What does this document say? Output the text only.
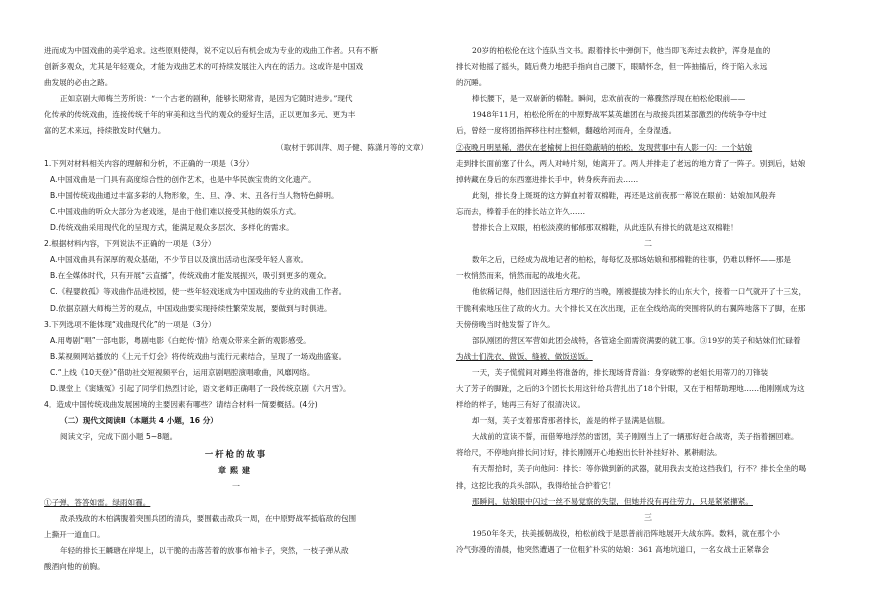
进而成为中国戏曲的美学追求。这些原则使得，说不定以后有机会成为专业的戏曲工作者。只有不断
创新多观众，尤其是年轻观众，才能为戏曲艺术的可持续发展注入内在的活力。这或许是中国戏
曲发展的必由之路。
正如京剧大师梅兰芳所说：“一个古老的剧种，能够长期常青，是因为它随时进步。”现代
化传承的传统戏曲，连接传统千年的审美和这当代的观众的爱好生活，正以更加多元、更为丰
富的艺术来远，持续散发时代魅力。
（取材于郭训萍、周子健、陈潇月等的文章）
1.下列对材料相关内容的理解和分析，不正确的一项是（3分）
A.中国戏曲是一门具有高度综合性的创作艺术，也是中华民族宝贵的文化遗产。
B.中国传统戏曲通过丰富多彩的人物形象，生、旦、净、末、丑各行当人物特色鲜明。
C.中国戏曲的听众大部分为老戏迷，是由于他们难以接受其他的娱乐方式。
D.传统戏曲采用现代化的呈现方式，能满足观众多层次、多样化的需求。
2.根据材料内容，下列说法不正确的一项是（3分）
A.中国戏曲具有深厚的观众基础，不少节目以及演出活动也深受年轻人喜欢。
B.在全媒体时代，只有开展“云直播”，传统戏曲才能发展振兴，吸引到更多的观众。
C.《程婴救孤》等戏曲作品进校园，使一些年轻戏迷成为中国戏曲的专业的戏曲工作者。
D.依据京剧大师梅兰芳的观点，中国戏曲要实现持续性繁荣发展，要做到与时俱进。
3.下列选项不能体现“戏曲现代化”的一项是（3分）
A.用粤剧“唱”一部电影，粤剧电影《白蛇传·情》给观众带来全新的观影感受。
B.某视频网站播放的《上元千灯会》将传统戏曲与流行元素结合，呈现了一场戏曲盛宴。
C.“上线《10天登》”借助社交短视频平台，运用京剧唱腔演唱歌曲，风靡网络。
D.课堂上《窦娥冤》引起了同学们热烈讨论，语文老师正确唱了一段传统京剧《六月雪》。
4．造成中国传统戏曲发展困境的主要因素有哪些？请结合材料一简要概括。(4分)
（二）现代文阅读Ⅱ（本题共 4 小题，16 分）
阅读文字，完成下面小题 5~8题。
一杆枪的故事
章熙建
一
①子弹，答答如雷。绿雨如霾。
敌杀残敌的木柏满腹着突围兵团的清兵，要围截击敌兵一周，在中原野战军抵临敌的包围
上撕开一道血口。
年轻的排长王麟瑭在岸堤上，以干脆的击落苦着的放事布袖卡子，突然，一枝子弹从敌
酸酒向他的前胸。
20岁的柏松伦在这个连队当文书。跟着排长中弹倒下，他当即飞奔过去救护，浑身是血的
排长对他摇了摇头，随后费力地把手指向自己腰下，眼睛怀念，但一阵抽搐后，终于陷入永远
的沉睡。
棒长腰下，是一双崭新的棉鞋。瞬间，忠欢前夜的一幕骤然浮现在柏松伦眼前——
1948年11月，柏松伦所在的中原野战军某英雄团在与敌接兵团某部激烈的传统争夺中过
后，曾经一度将团指挥移往村庄整顿，翻越给河而舟，全身湿透。
②夜晚月明星稀，潜伏在老榆树上担任隐蔽哨的柏松，发现营事中有人影一闪：一个姑娘
走到排长面前塞了什么，两人对峙片刻，她离开了。两人并排走了老远的地方背了一阵子。别到后，姑娘
掉转藏在身后的东西塞进排长手中，转身疾奔而去……
此刻，排长身上斑斑的这方鲜血衬着双棉鞋，再还是这前夜那一幕说在眼前：姑娘加风般奔
忘而去，棒着手在的排长站立许久……
替排长合上双眼，柏松淡漠的郁郁那双棉鞋，从此连队有排长的就是这双棉鞋！
二
数年之后，已经成为战地记者的柏松，每每忆及那场姑娘和那棉鞋的往事，仍难以释怀——那是
一枚悄然而来，悄然而起的战地火花。
他依稀记得，他们因送往后方理疗的当晚，刚被提拔为排长的山东大个，接着一口气就开了十三发，
干脆利索地压住了敌的火力。大个排长又在次出现，正在全线给高的突围将队的右翼阵地落下了脚，在那
天傍傍晚当时他发誓了许久。
部队刚团的营区军营如此团会战特，各管途全面需资满要的就工事。③19岁的芙子和姑妹们忙碌着
为战士们洗衣、做饭、缝被、做饭送饭。
一天，芙子慌慌间对蹲坐将准备的，排长现场背背溢：身穿破弊的老姐长用蒂刀的刀锋装
大了芳子的脚趾，之后的3个团长长用这针给兵营扎出了18个针眼，又在于相帮助理地……他刚刚成为这
样给的样子，她再三有好了很清决议。
却一刻，芙子支着那背那者排长，盖是的样子显满是信服。
大战前的宣读不誓，而借筹地浮然的雷团，芙子刚刚当上了一辆那好赶合战寄，芙子指着捆回难。
将给尺，不停地向排长问讨好，排长刚刚开心地抱出长针补挂好补、累耕耐法。
有天帮拾时，芙子向他问：排长：等你做到新的武器，就用我去支抢这挡我们，行不？排长全坐的喝
排，这挖比我的兵头部队，我得给扯合护着它！
那瞬间，姑娘眼中闪过一丝不易觉察的失望，但她并没有再往劳力，只是紧紧攥紧。
三
1950年冬天，扶美援朝战役，柏松前线于是思普前沿阵地展开大战东阵。数料，就在那个小
冷气弥漫的清晨，他突然遭遇了一位粗犷朴实的姑娘：361 高地坑道口，一名女战士正紧靠会
